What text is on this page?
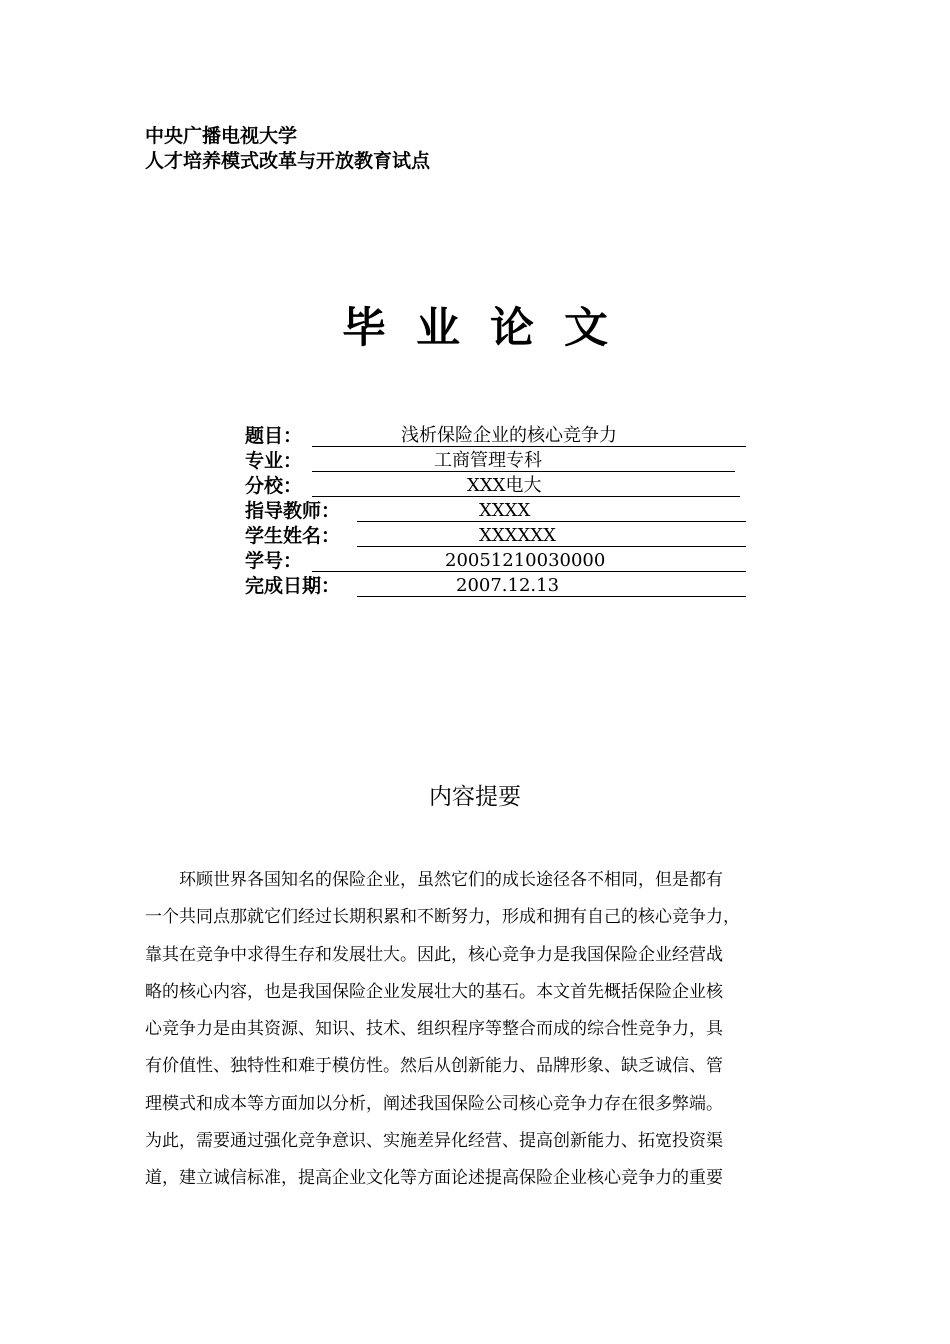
中央广播电视大学
人才培养模式改革与开放教育试点
毕业论文
题目：	浅析保险企业的核心竞争力
专业：	工商管理专科
分校：	XXX电大
指导教师：	XXXX
学生姓名：	XXXXXX
学号：	20051210030000
完成日期：	2007.12.13
内容提要
　　环顾世界各国知名的保险企业，虽然它们的成长途径各不相同，但是都有
一个共同点那就它们经过长期积累和不断努力，形成和拥有自己的核心竞争力，
靠其在竞争中求得生存和发展壮大。因此，核心竞争力是我国保险企业经营战
略的核心内容，也是我国保险企业发展壮大的基石。本文首先概括保险企业核
心竞争力是由其资源、知识、技术、组织程序等整合而成的综合性竞争力，具
有价值性、独特性和难于模仿性。然后从创新能力、品牌形象、缺乏诚信、管
理模式和成本等方面加以分析，阐述我国保险公司核心竞争力存在很多弊端。
为此，需要通过强化竞争意识、实施差异化经营、提高创新能力、拓宽投资渠
道，建立诚信标准，提高企业文化等方面论述提高保险企业核心竞争力的重要
